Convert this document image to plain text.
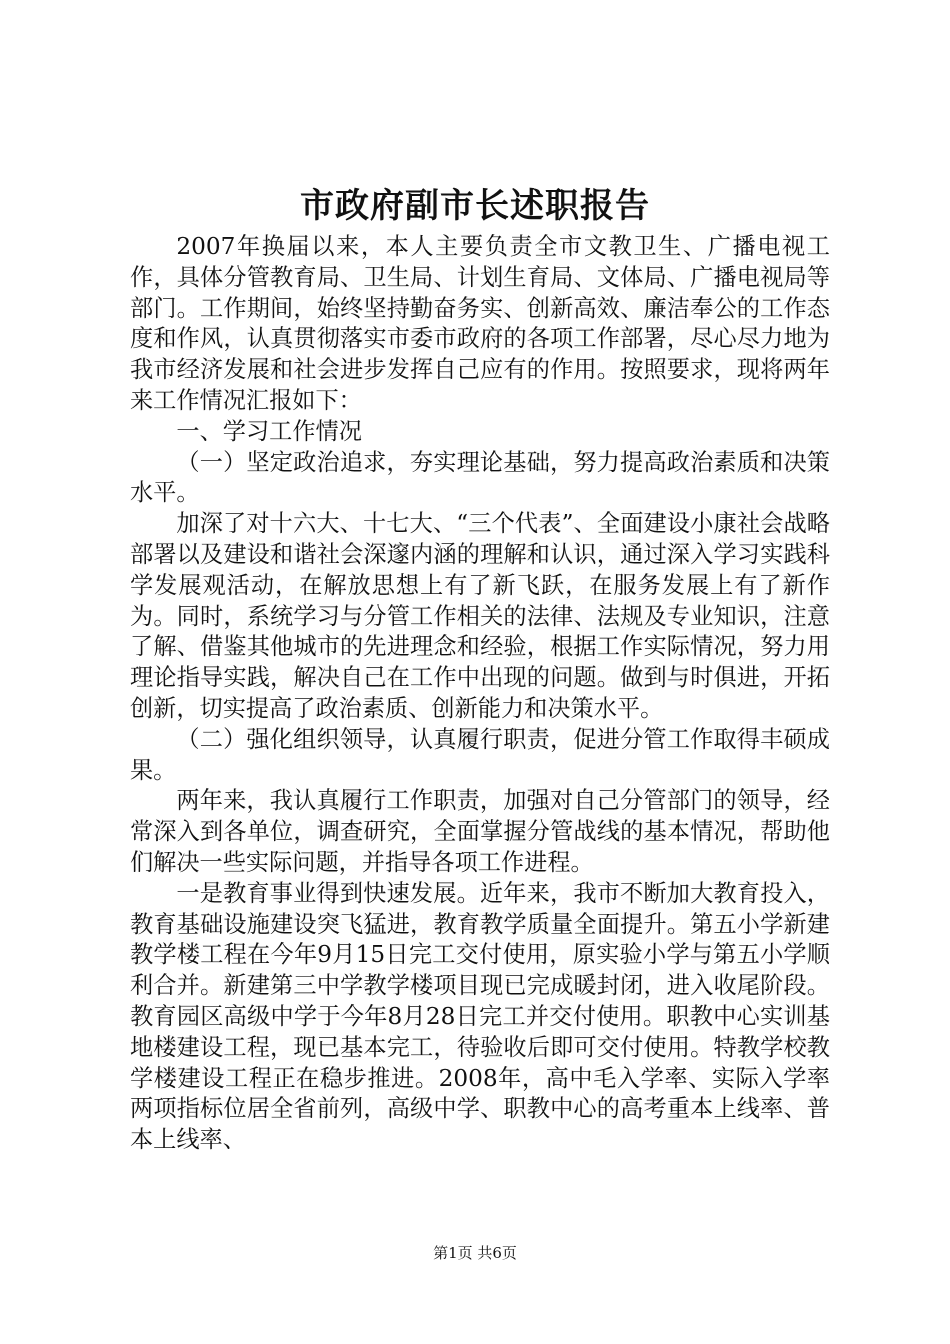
市政府副市长述职报告

2007年换届以来，本人主要负责全市文教卫生、广播电视工作，具体分管教育局、卫生局、计划生育局、文体局、广播电视局等部门。工作期间，始终坚持勤奋务实、创新高效、廉洁奉公的工作态度和作风，认真贯彻落实市委市政府的各项工作部署，尽心尽力地为我市经济发展和社会进步发挥自己应有的作用。按照要求，现将两年来工作情况汇报如下：

一、学习工作情况

（一）坚定政治追求，夯实理论基础，努力提高政治素质和决策水平。

加深了对十六大、十七大、“三个代表”、全面建设小康社会战略部署以及建设和谐社会深邃内涵的理解和认识，通过深入学习实践科学发展观活动，在解放思想上有了新飞跃，在服务发展上有了新作为。同时，系统学习与分管工作相关的法律、法规及专业知识，注意了解、借鉴其他城市的先进理念和经验，根据工作实际情况，努力用理论指导实践，解决自己在工作中出现的问题。做到与时俱进，开拓创新，切实提高了政治素质、创新能力和决策水平。

（二）强化组织领导，认真履行职责，促进分管工作取得丰硕成果。

两年来，我认真履行工作职责，加强对自己分管部门的领导，经常深入到各单位，调查研究，全面掌握分管战线的基本情况，帮助他们解决一些实际问题，并指导各项工作进程。

一是教育事业得到快速发展。近年来，我市不断加大教育投入，教育基础设施建设突飞猛进，教育教学质量全面提升。第五小学新建教学楼工程在今年9月15日完工交付使用，原实验小学与第五小学顺利合并。新建第三中学教学楼项目现已完成暖封闭，进入收尾阶段。教育园区高级中学于今年8月28日完工并交付使用。职教中心实训基地楼建设工程，现已基本完工，待验收后即可交付使用。特教学校教学楼建设工程正在稳步推进。2008年，高中毛入学率、实际入学率两项指标位居全省前列，高级中学、职教中心的高考重本上线率、普本上线率、

第1页 共6页
